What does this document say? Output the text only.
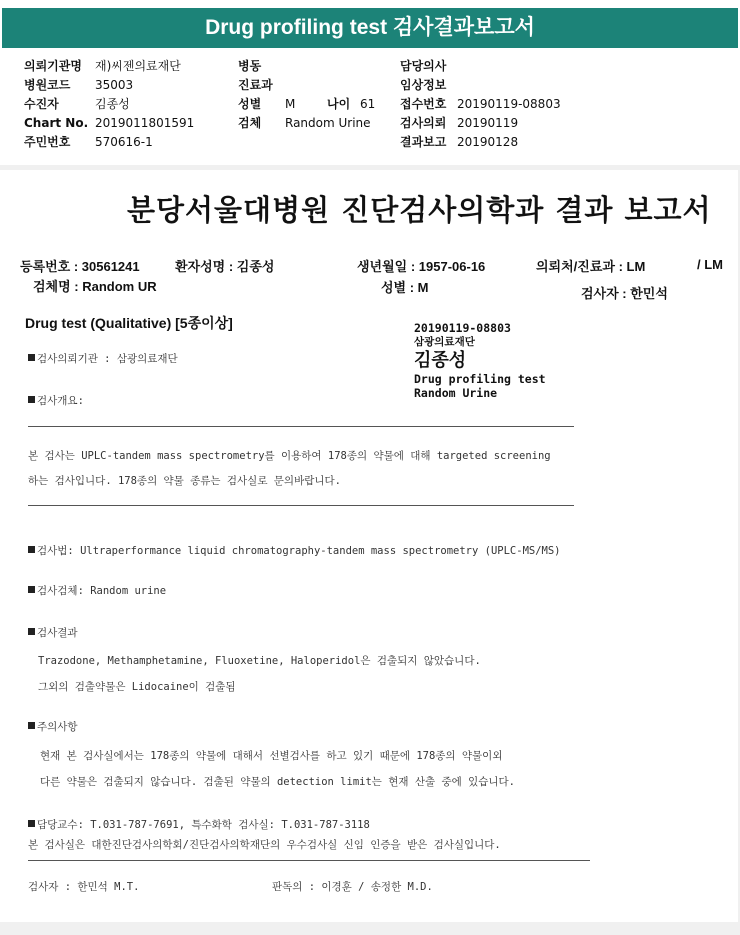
Drug profiling test 검사결과보고서
의뢰기관명 재)씨젠의료재단
병원코드 35003
수진자	김종성
Chart No. 2019011801591
주민번호 570616-1
병동
진료과
성별 M	나이 61
검체 Random Urine
담당의사
임상정보
접수번호 20190119-08803
검사의뢰 20190119
결과보고 20190128
분당서울대병원 진단검사의학과 결과 보고서
등록번호 : 30561241	환자성명 : 김종성	생년월일 : 1957-06-16	의뢰처/진료과 : LM	/ LM
검체명 : Random UR	성별 : M	검사자 : 한민석
Drug test (Qualitative) [5종이상]	20190119-08803
삼광의료재단
김종성
Drug profiling test
Random Urine
검사의뢰기관 : 삼광의료재단
검사개요:
본 검사는 UPLC-tandem mass spectrometry를 이용하여 178종의 약물에 대해 targeted screening
하는 검사입니다. 178종의 약물 종류는 검사실로 문의바랍니다.
검사법: Ultraperformance liquid chromatography-tandem mass spectrometry (UPLC-MS/MS)
검사검체: Random urine
검사결과
Trazodone, Methamphetamine, Fluoxetine, Haloperidol은 검출되지 않았습니다.
그외의 검출약물은 Lidocaine이 검출됨
주의사항
현재 본 검사실에서는 178종의 약물에 대해서 선별검사를 하고 있기 때문에 178종의 약물이외
다른 약물은 검출되지 않습니다. 검출된 약물의 detection limit는 현재 산출 중에 있습니다.
담당교수: T.031-787-7691, 특수화학 검사실: T.031-787-3118
본 검사실은 대한진단검사의학회/진단검사의학재단의 우수검사실 신임 인증을 받은 검사실입니다.
검사자 : 한민석 M.T.	판독의 : 이경훈 / 송정한 M.D.
